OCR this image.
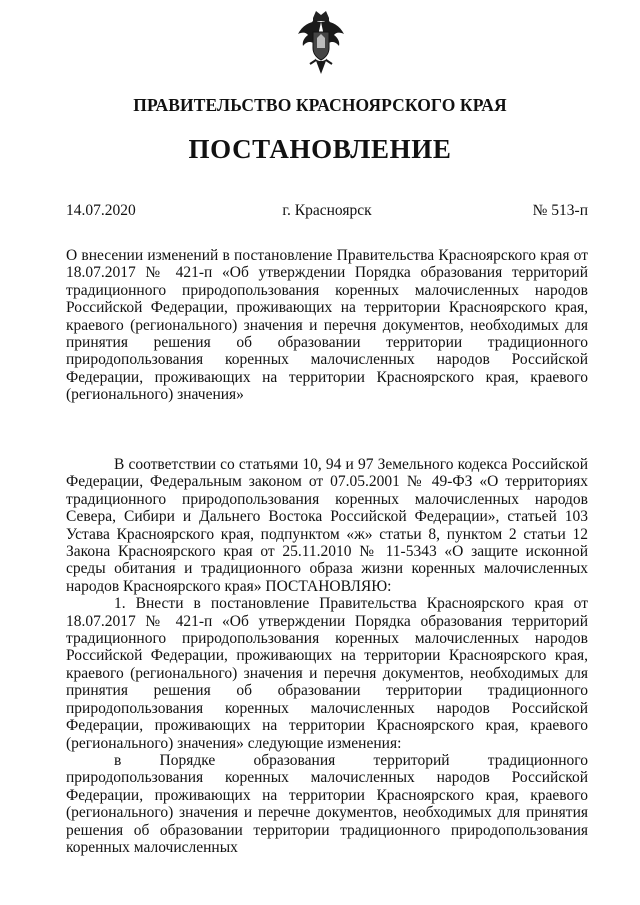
ПРАВИТЕЛЬСТВО КРАСНОЯРСКОГО КРАЯ
ПОСТАНОВЛЕНИЕ
14.07.2020	г. Красноярск	№ 513-п

О внесении изменений в постановление Правительства Красноярского края от 18.07.2017 № 421-п «Об утверждении Порядка образования территорий традиционного природопользования коренных малочисленных народов Российской Федерации, проживающих на территории Красноярского края, краевого (регионального) значения и перечня документов, необходимых для принятия решения об образовании территории традиционного природопользования коренных малочисленных народов Российской Федерации, проживающих на территории Красноярского края, краевого (регионального) значения»

В соответствии со статьями 10, 94 и 97 Земельного кодекса Российской Федерации, Федеральным законом от 07.05.2001 № 49-ФЗ «О территориях традиционного природопользования коренных малочисленных народов Севера, Сибири и Дальнего Востока Российской Федерации», статьей 103 Устава Красноярского края, подпунктом «ж» статьи 8, пунктом 2 статьи 12 Закона Красноярского края от 25.11.2010 № 11-5343 «О защите исконной среды обитания и традиционного образа жизни коренных малочисленных народов Красноярского края» ПОСТАНОВЛЯЮ:

1. Внести в постановление Правительства Красноярского края от 18.07.2017 № 421-п «Об утверждении Порядка образования территорий традиционного природопользования коренных малочисленных народов Российской Федерации, проживающих на территории Красноярского края, краевого (регионального) значения и перечня документов, необходимых для принятия решения об образовании территории традиционного природопользования коренных малочисленных народов Российской Федерации, проживающих на территории Красноярского края, краевого (регионального) значения» следующие изменения:

в Порядке образования территорий традиционного природопользования коренных малочисленных народов Российской Федерации, проживающих на территории Красноярского края, краевого (регионального) значения и перечне документов, необходимых для принятия решения об образовании территории традиционного природопользования коренных малочисленных
